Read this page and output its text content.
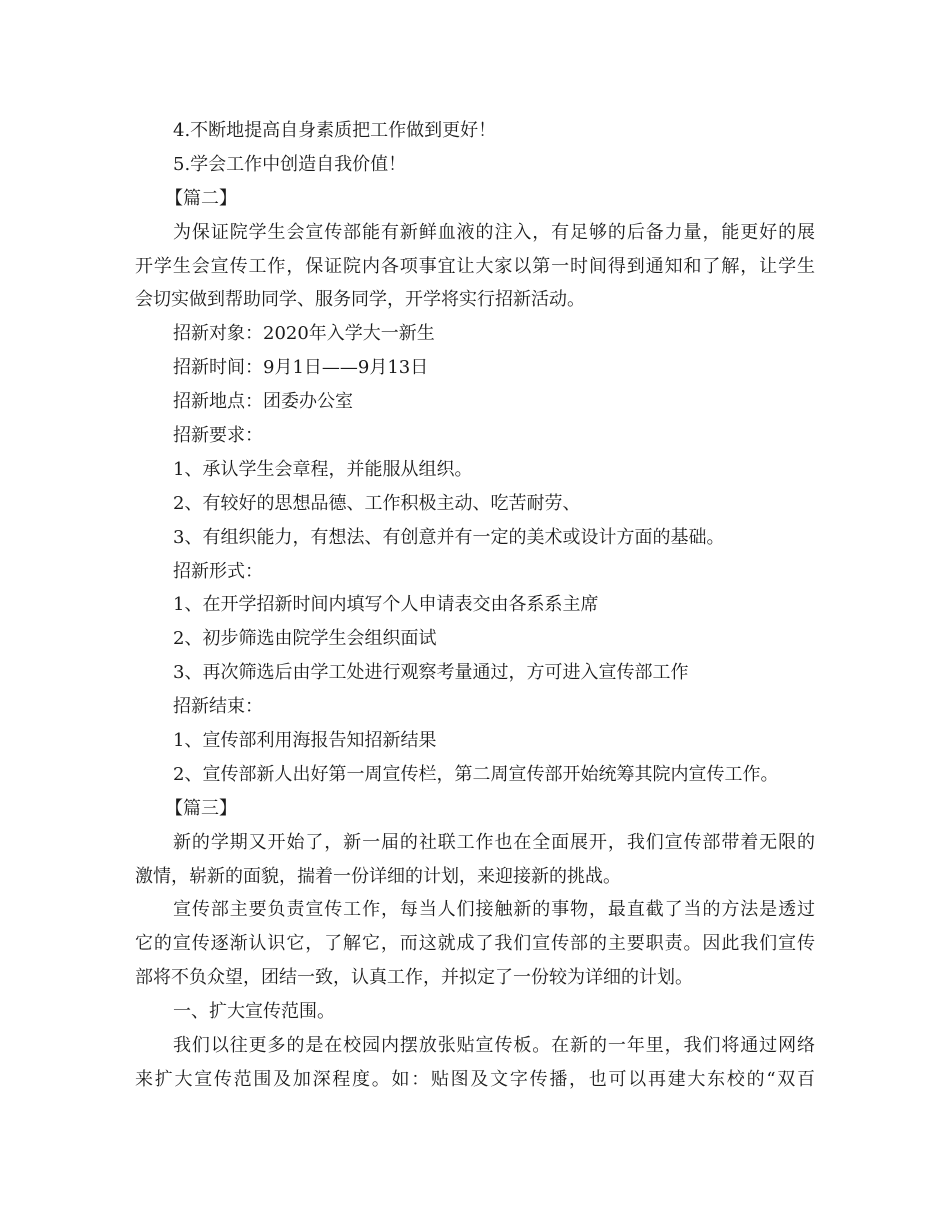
4.不断地提高自身素质把工作做到更好！

5.学会工作中创造自我价值！

【篇二】

为保证院学生会宣传部能有新鲜血液的注入，有足够的后备力量，能更好的展

开学生会宣传工作，保证院内各项事宜让大家以第一时间得到通知和了解，让学生

会切实做到帮助同学、服务同学，开学将实行招新活动。

招新对象：2020年入学大一新生

招新时间：9月1日——9月13日

招新地点：团委办公室

招新要求：

1、承认学生会章程，并能服从组织。

2、有较好的思想品德、工作积极主动、吃苦耐劳、

3、有组织能力，有想法、有创意并有一定的美术或设计方面的基础。

招新形式：

1、在开学招新时间内填写个人申请表交由各系系主席

2、初步筛选由院学生会组织面试

3、再次筛选后由学工处进行观察考量通过，方可进入宣传部工作

招新结束：

1、宣传部利用海报告知招新结果

2、宣传部新人出好第一周宣传栏，第二周宣传部开始统筹其院内宣传工作。

【篇三】

新的学期又开始了，新一届的社联工作也在全面展开，我们宣传部带着无限的

激情，崭新的面貌，揣着一份详细的计划，来迎接新的挑战。

宣传部主要负责宣传工作，每当人们接触新的事物，最直截了当的方法是透过

它的宣传逐渐认识它，了解它，而这就成了我们宣传部的主要职责。因此我们宣传

部将不负众望，团结一致，认真工作，并拟定了一份较为详细的计划。

一、扩大宣传范围。

我们以往更多的是在校园内摆放张贴宣传板。在新的一年里，我们将通过网络

来扩大宣传范围及加深程度。如：贴图及文字传播，也可以再建大东校的“双百
